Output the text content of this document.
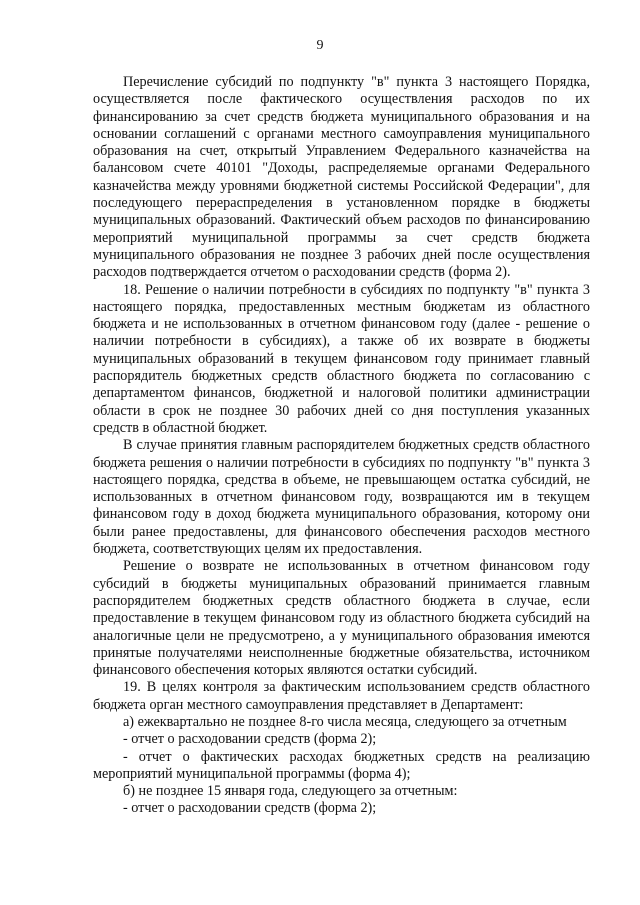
9

Перечисление субсидий по подпункту "в" пункта 3 настоящего Порядка, осуществляется после фактического осуществления расходов по их финансированию за счет средств бюджета муниципального образования и на основании соглашений с органами местного самоуправления муниципального образования на счет, открытый Управлением Федерального казначейства на балансовом счете 40101 "Доходы, распределяемые органами Федерального казначейства между уровнями бюджетной системы Российской Федерации", для последующего перераспределения в установленном порядке в бюджеты муниципальных образований. Фактический объем расходов по финансированию мероприятий муниципальной программы за счет средств бюджета муниципального образования не позднее 3 рабочих дней после осуществления расходов подтверждается отчетом о расходовании средств (форма 2).

18. Решение о наличии потребности в субсидиях по подпункту "в" пункта 3 настоящего порядка, предоставленных местным бюджетам из областного бюджета и не использованных в отчетном финансовом году (далее - решение о наличии потребности в субсидиях), а также об их возврате в бюджеты муниципальных образований в текущем финансовом году принимает главный распорядитель бюджетных средств областного бюджета по согласованию с департаментом финансов, бюджетной и налоговой политики администрации области в срок не позднее 30 рабочих дней со дня поступления указанных средств в областной бюджет.

В случае принятия главным распорядителем бюджетных средств областного бюджета решения о наличии потребности в субсидиях по подпункту "в" пункта 3 настоящего порядка, средства в объеме, не превышающем остатка субсидий, не использованных в отчетном финансовом году, возвращаются им в текущем финансовом году в доход бюджета муниципального образования, которому они были ранее предоставлены, для финансового обеспечения расходов местного бюджета, соответствующих целям их предоставления.

Решение о возврате не использованных в отчетном финансовом году субсидий в бюджеты муниципальных образований принимается главным распорядителем бюджетных средств областного бюджета в случае, если предоставление в текущем финансовом году из областного бюджета субсидий на аналогичные цели не предусмотрено, а у муниципального образования имеются принятые получателями неисполненные бюджетные обязательства, источником финансового обеспечения которых являются остатки субсидий.

19. В целях контроля за фактическим использованием средств областного бюджета орган местного самоуправления представляет в Департамент:

а) ежеквартально не позднее 8-го числа месяца, следующего за отчетным

- отчет о расходовании средств (форма 2);

- отчет о фактических расходах бюджетных средств на реализацию мероприятий муниципальной программы (форма 4);

б) не позднее 15 января года, следующего за отчетным:

- отчет о расходовании средств (форма 2);
